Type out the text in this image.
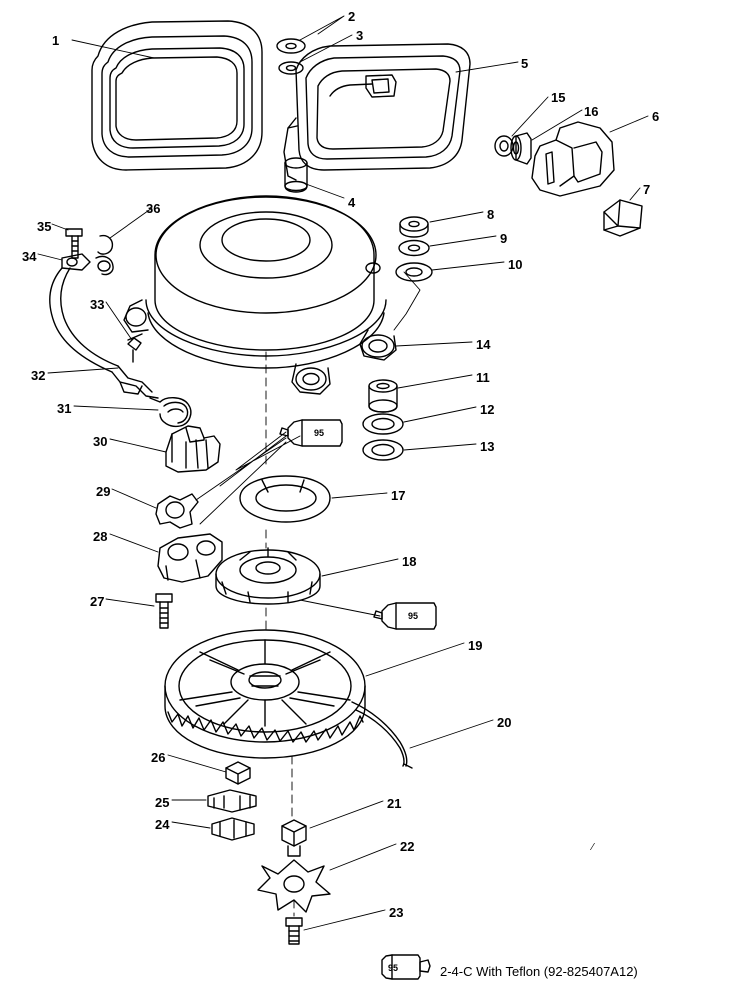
1
2
3
4
5
6
7
8
9
10
11
12
13
14
15
16
17
18
19
20
21
22
23
24
25
26
27
28
29
30
31
32
33
34
35
36
95
95
95	2-4-C With Teflon (92-825407A12)
⁄
